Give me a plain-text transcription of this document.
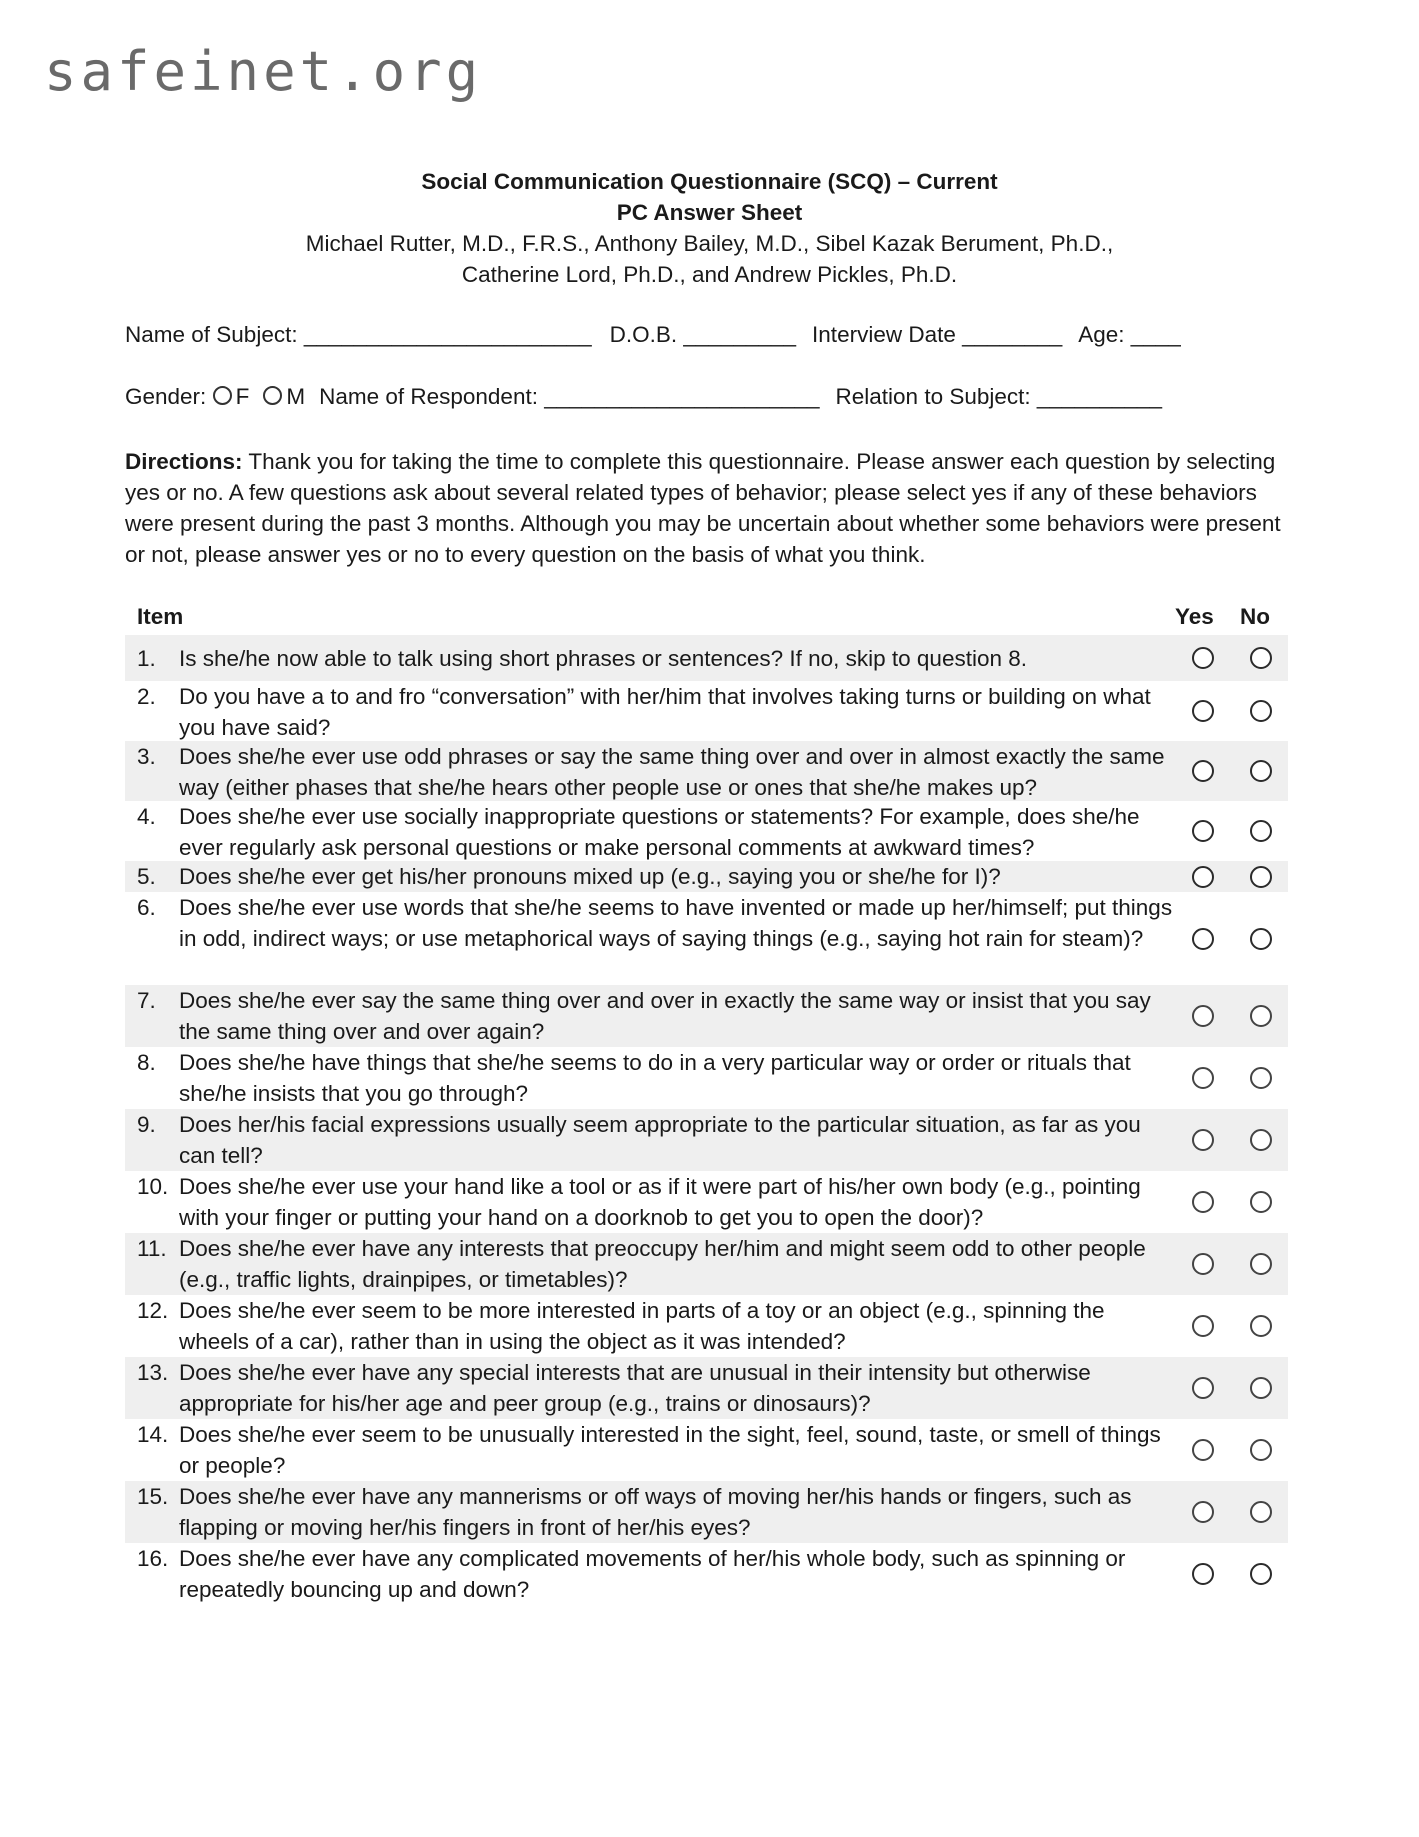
safeinet.org
Social Communication Questionnaire (SCQ) – Current
PC Answer Sheet
Michael Rutter, M.D., F.R.S., Anthony Bailey, M.D., Sibel Kazak Berument, Ph.D.,
Catherine Lord, Ph.D., and Andrew Pickles, Ph.D.
Name of Subject: _______________________ D.O.B. _________ Interview Date ________ Age: ____
Gender: F M Name of Respondent: ______________________ Relation to Subject: __________
Directions: Thank you for taking the time to complete this questionnaire. Please answer each question by selecting yes or no. A few questions ask about several related types of behavior; please select yes if any of these behaviors were present during the past 3 months. Although you may be uncertain about whether some behaviors were present or not, please answer yes or no to every question on the basis of what you think.
Item	Yes No
1.	Is she/he now able to talk using short phrases or sentences? If no, skip to question 8.
2.	Do you have a to and fro “conversation” with her/him that involves taking turns or building on what you have said?
3.	Does she/he ever use odd phrases or say the same thing over and over in almost exactly the same way (either phases that she/he hears other people use or ones that she/he makes up?
4.	Does she/he ever use socially inappropriate questions or statements? For example, does she/he ever regularly ask personal questions or make personal comments at awkward times?
5.	Does she/he ever get his/her pronouns mixed up (e.g., saying you or she/he for I)?
6.	Does she/he ever use words that she/he seems to have invented or made up her/himself; put things in odd, indirect ways; or use metaphorical ways of saying things (e.g., saying hot rain for steam)?
7.	Does she/he ever say the same thing over and over in exactly the same way or insist that you say the same thing over and over again?
8.	Does she/he have things that she/he seems to do in a very particular way or order or rituals that she/he insists that you go through?
9.	Does her/his facial expressions usually seem appropriate to the particular situation, as far as you can tell?
10. Does she/he ever use your hand like a tool or as if it were part of his/her own body (e.g., pointing with your finger or putting your hand on a doorknob to get you to open the door)?
11. Does she/he ever have any interests that preoccupy her/him and might seem odd to other people (e.g., traffic lights, drainpipes, or timetables)?
12. Does she/he ever seem to be more interested in parts of a toy or an object (e.g., spinning the wheels of a car), rather than in using the object as it was intended?
13. Does she/he ever have any special interests that are unusual in their intensity but otherwise appropriate for his/her age and peer group (e.g., trains or dinosaurs)?
14. Does she/he ever seem to be unusually interested in the sight, feel, sound, taste, or smell of things or people?
15. Does she/he ever have any mannerisms or off ways of moving her/his hands or fingers, such as flapping or moving her/his fingers in front of her/his eyes?
16. Does she/he ever have any complicated movements of her/his whole body, such as spinning or repeatedly bouncing up and down?
